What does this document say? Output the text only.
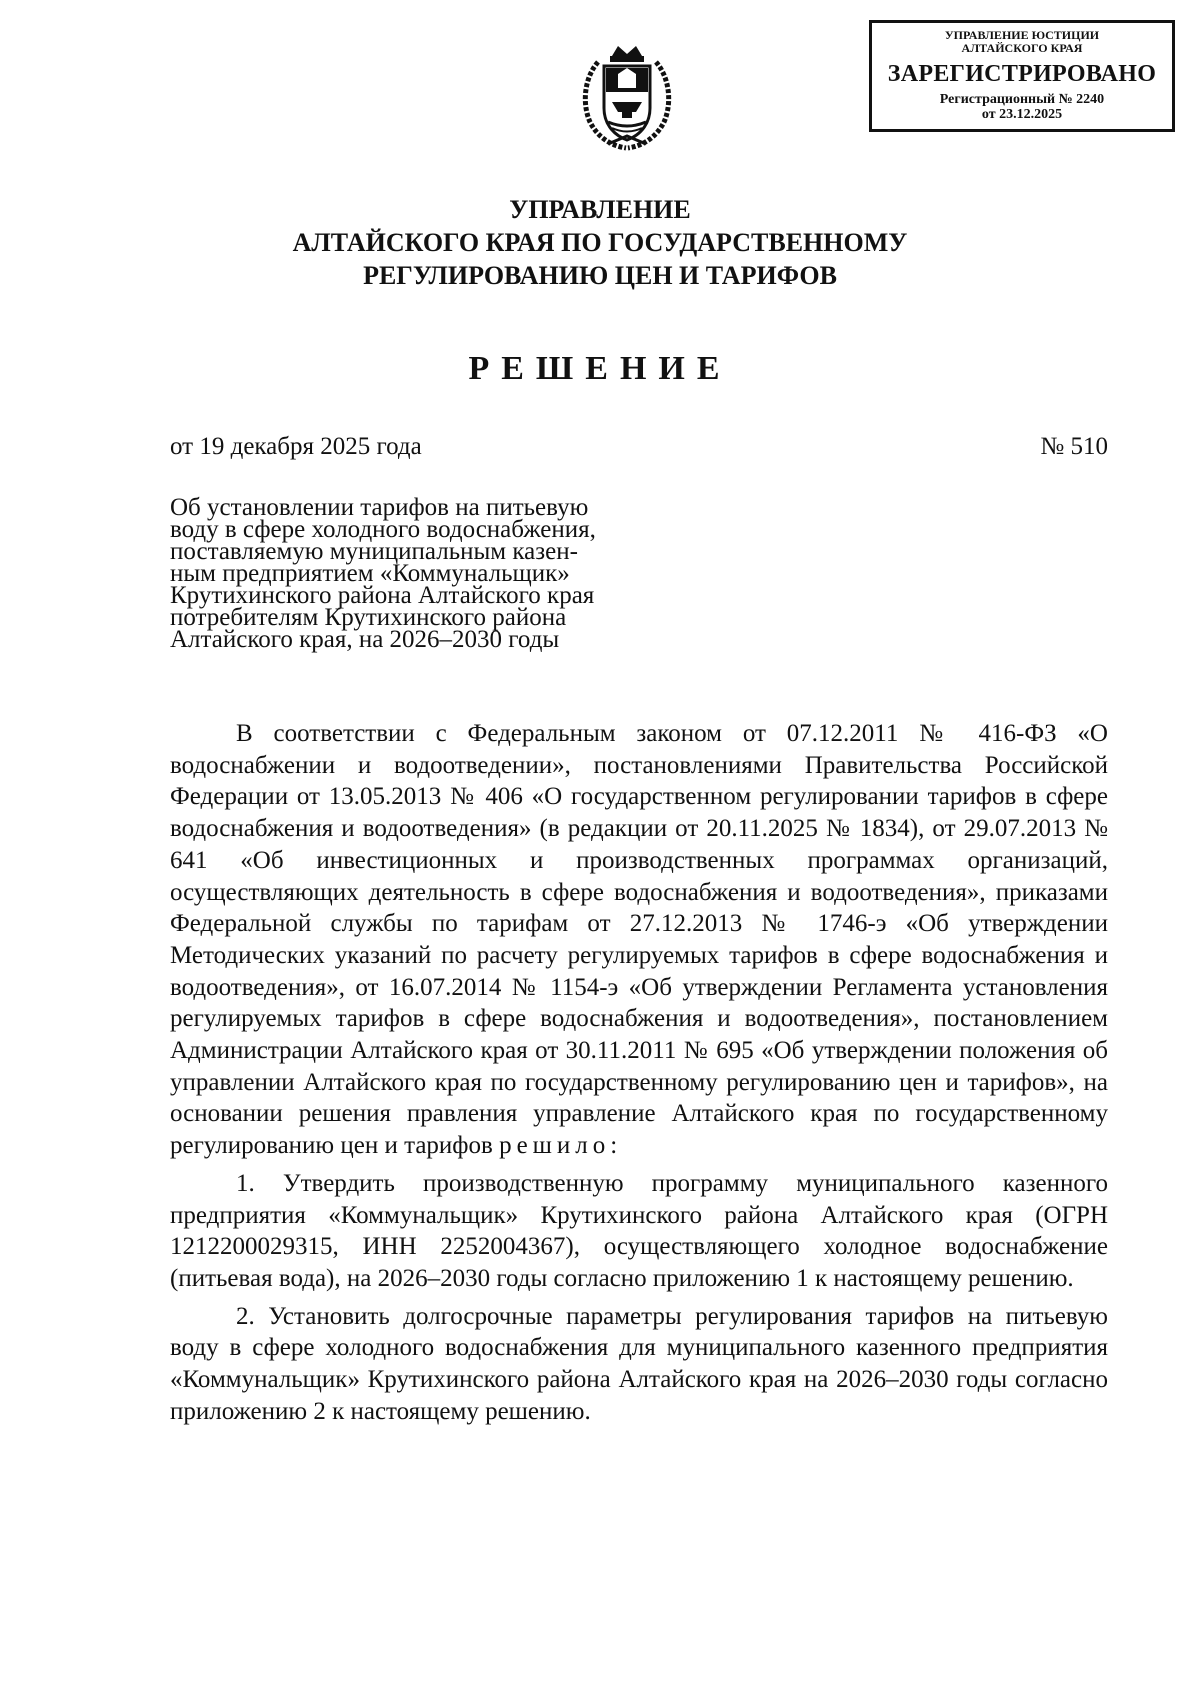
УПРАВЛЕНИЕ ЮСТИЦИИ
АЛТАЙСКОГО КРАЯ
ЗАРЕГИСТРИРОВАНО
Регистрационный № 2240
от 23.12.2025
УПРАВЛЕНИЕ
АЛТАЙСКОГО КРАЯ ПО ГОСУДАРСТВЕННОМУ
РЕГУЛИРОВАНИЮ ЦЕН И ТАРИФОВ
РЕШЕНИЕ
от 19 декабря 2025 года	№ 510
Об установлении тарифов на питьевую
воду в сфере холодного водоснабжения,
поставляемую муниципальным казен-
ным предприятием «Коммунальщик»
Крутихинского района Алтайского края
потребителям Крутихинского района
Алтайского края, на 2026–2030 годы

В соответствии с Федеральным законом от 07.12.2011 № 416-ФЗ «О водоснабжении и водоотведении», постановлениями Правительства Российской Федерации от 13.05.2013 № 406 «О государственном регулировании тарифов в сфере водоснабжения и водоотведения» (в редакции от 20.11.2025 № 1834), от 29.07.2013 № 641 «Об инвестиционных и производственных программах организаций, осуществляющих деятельность в сфере водоснабжения и водоотведения», приказами Федеральной службы по тарифам от 27.12.2013 № 1746-э «Об утверждении Методических указаний по расчету регулируемых тарифов в сфере водоснабжения и водоотведения», от 16.07.2014 № 1154-э «Об утверждении Регламента установления регулируемых тарифов в сфере водоснабжения и водоотведения», постановлением Администрации Алтайского края от 30.11.2011 № 695 «Об утверждении положения об управлении Алтайского края по государственному регулированию цен и тарифов», на основании решения правления управление Алтайского края по государственному регулированию цен и тарифов решило:

1. Утвердить производственную программу муниципального казенного предприятия «Коммунальщик» Крутихинского района Алтайского края (ОГРН 1212200029315, ИНН 2252004367), осуществляющего холодное водоснабжение (питьевая вода), на 2026–2030 годы согласно приложению 1 к настоящему решению.

2. Установить долгосрочные параметры регулирования тарифов на питьевую воду в сфере холодного водоснабжения для муниципального казенного предприятия «Коммунальщик» Крутихинского района Алтайского края на 2026–2030 годы согласно приложению 2 к настоящему решению.
